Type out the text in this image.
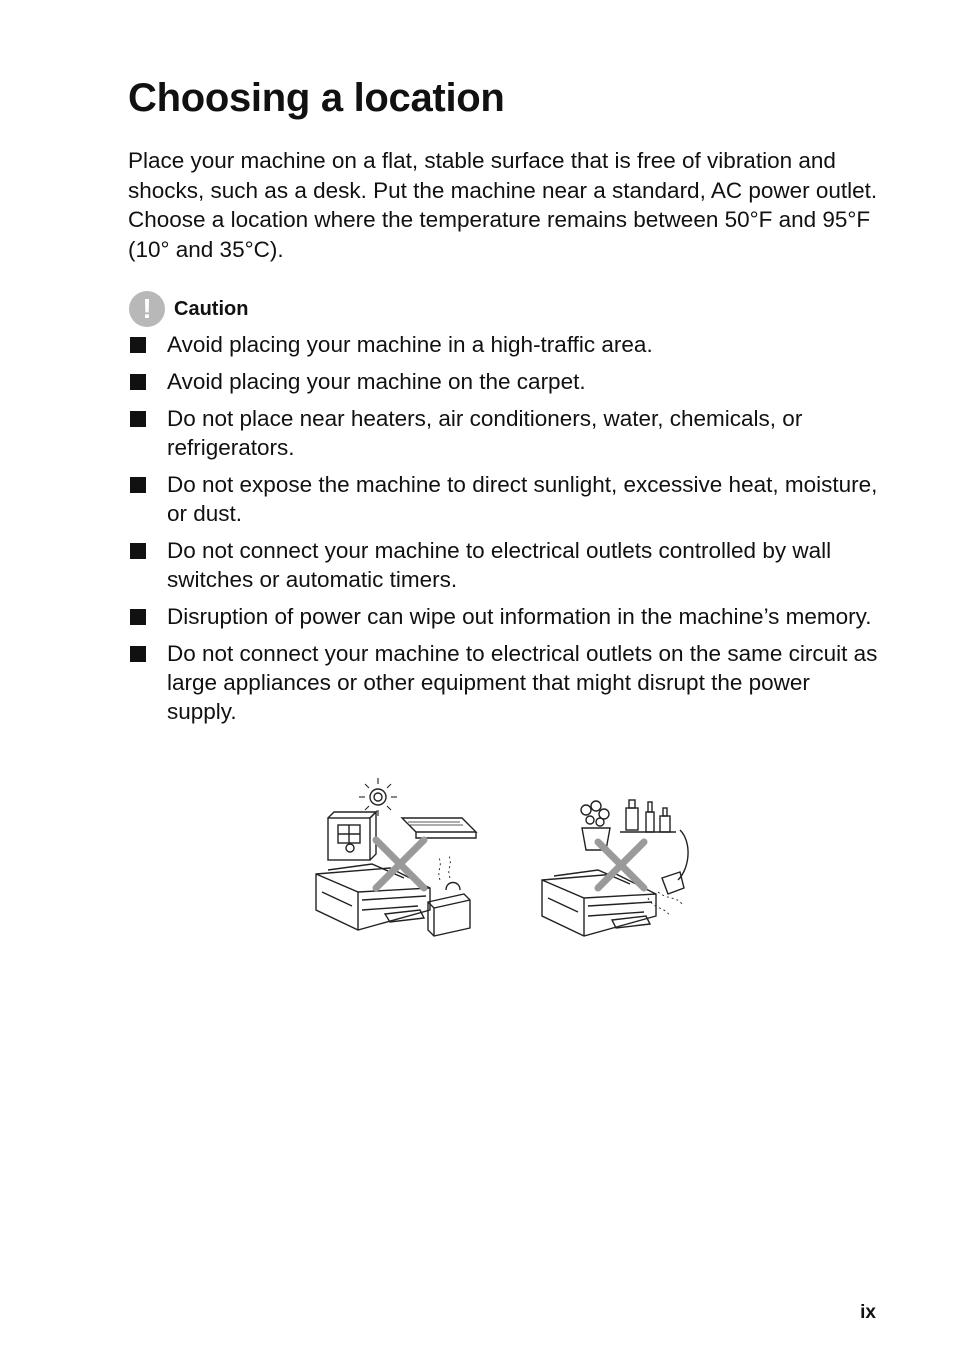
Choosing a location

Place your machine on a flat, stable surface that is free of vibration and shocks, such as a desk. Put the machine near a standard, AC power outlet. Choose a location where the temperature remains between 50°F and 95°F (10° and 35°C).

! Caution
Avoid placing your machine in a high-traffic area.
Avoid placing your machine on the carpet.
Do not place near heaters, air conditioners, water, chemicals, or refrigerators.
Do not expose the machine to direct sunlight, excessive heat, moisture, or dust.
Do not connect your machine to electrical outlets controlled by wall switches or automatic timers.
Disruption of power can wipe out information in the machine’s memory.
Do not connect your machine to electrical outlets on the same circuit as large appliances or other equipment that might disrupt the power supply.
ix
